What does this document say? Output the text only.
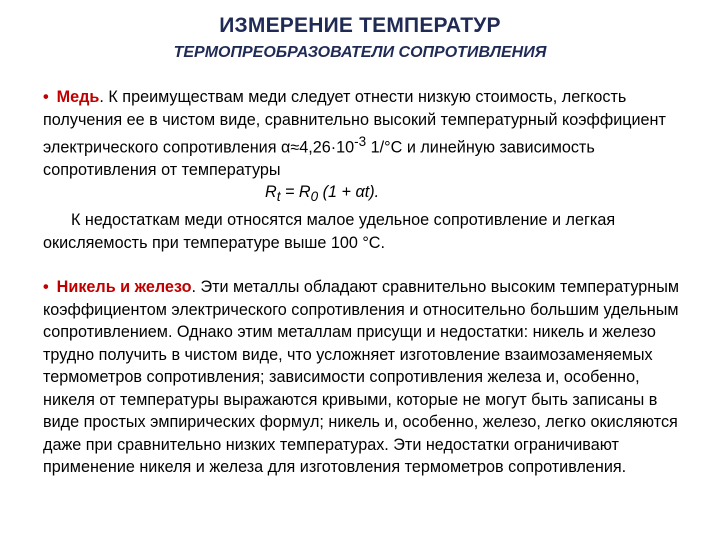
ИЗМЕРЕНИЕ ТЕМПЕРАТУР
ТЕРМОПРЕОБРАЗОВАТЕЛИ СОПРОТИВЛЕНИЯ

• Медь. К преимуществам меди следует отнести низкую стоимость, легкость получения ее в чистом виде, сравнительно высокий температурный коэффициент электрического сопротивления $\alpha\approx 4,26\cdot 10^{-3}$ 1/°С и линейную зависимость сопротивления от температуры

$R_t = R_0$ (1 + αt).

К недостаткам меди относятся малое удельное сопротивление и легкая окисляемость при температуре выше 100 °С.

• Никель и железо. Эти металлы обладают сравнительно высоким температурным коэффициентом электрического сопротивления и относительно большим удельным сопротивлением. Однако этим металлам присущи и недостатки: никель и железо трудно получить в чистом виде, что усложняет изготовление взаимозаменяемых термометров сопротивления; зависимости сопротивления железа и, особенно, никеля от температуры выражаются кривыми, которые не могут быть записаны в виде простых эмпирических формул; никель и, особенно, железо, легко окисляются даже при сравнительно низких температурах. Эти недостатки ограничивают применение никеля и железа для изготовления термометров сопротивления.
